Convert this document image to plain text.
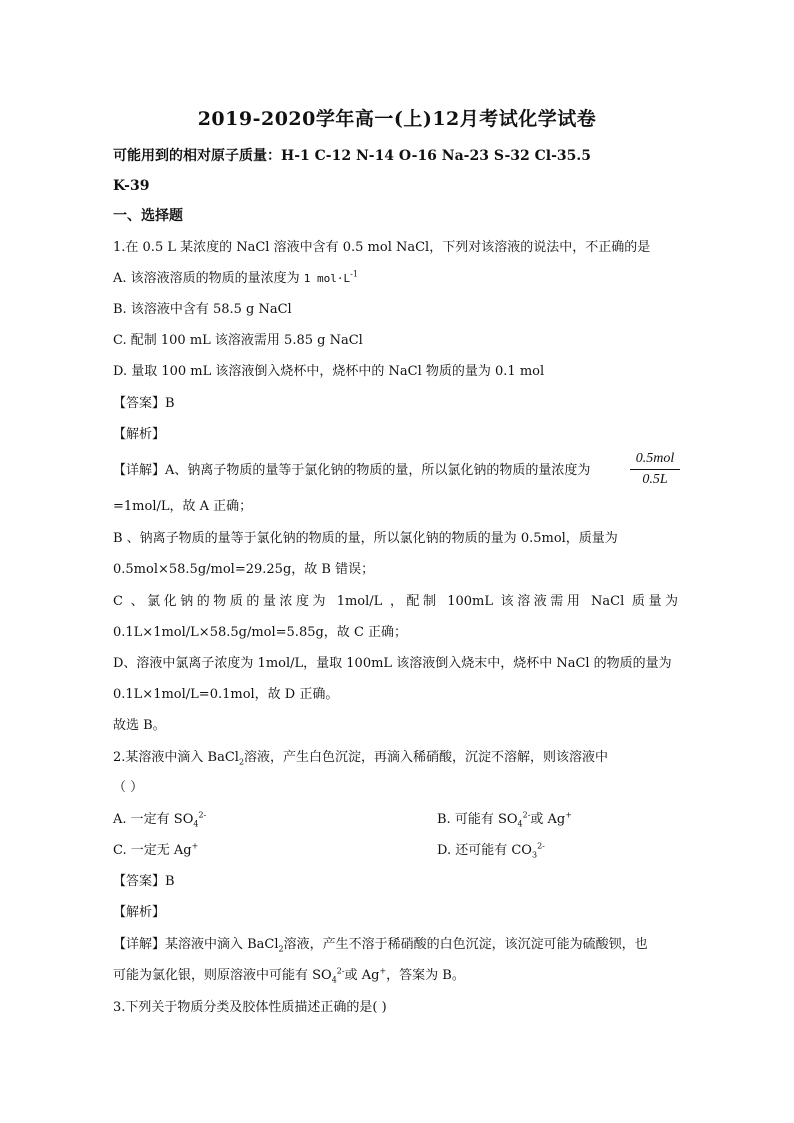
2019-2020学年高一(上)12月考试化学试卷
可能用到的相对原子质量：H-1 C-12 N-14 O-16 Na-23 S-32 Cl-35.5
K-39
一、选择题
1.在 0.5 L 某浓度的 NaCl 溶液中含有 0.5 mol NaCl，下列对该溶液的说法中，不正确的是
A. 该溶液溶质的物质的量浓度为 1 $mol\cdot L^{-1}$
B. 该溶液中含有 58.5 g NaCl
C. 配制 100 mL 该溶液需用 5.85 g NaCl
D. 量取 100 mL 该溶液倒入烧杯中，烧杯中的 NaCl 物质的量为 0.1 mol
【答案】B
【解析】
【详解】A、钠离子物质的量等于氯化钠的物质的量，所以氯化钠的物质的量浓度为
0.5mol
0.5L
=1mol/L，故 A 正确；
B 、钠离子物质的量等于氯化钠的物质的量，所以氯化钠的物质的量为 0.5mol，质量为
0.5mol×58.5g/mol=29.25g，故 B 错误；
C 、氯化钠的物质的量浓度为 1mol/L ，配制 100mL 该溶液需用 NaCl 质量为
0.1L×1mol/L×58.5g/mol=5.85g，故 C 正确；
D、溶液中氯离子浓度为 1mol/L，量取 100mL 该溶液倒入烧末中，烧杯中 NaCl 的物质的量为
0.1L×1mol/L=0.1mol，故 D 正确。
故选 B。
2.某溶液中滴入 BaCl$_2$溶液，产生白色沉淀，再滴入稀硝酸，沉淀不溶解，则该溶液中
（ ）
A. 一定有 $SO_4^{2-}$	B. 可能有 $SO_4^{2-}$或 Ag+
C. 一定无 Ag+	D. 还可能有 $CO_3^{2-}$
【答案】B
【解析】
【详解】某溶液中滴入 BaCl$_2$溶液，产生不溶于稀硝酸的白色沉淀，该沉淀可能为硫酸钡，也
可能为氯化银，则原溶液中可能有 $SO_4^{2-}$或 Ag+，答案为 B。
3.下列关于物质分类及胶体性质描述正确的是( )
